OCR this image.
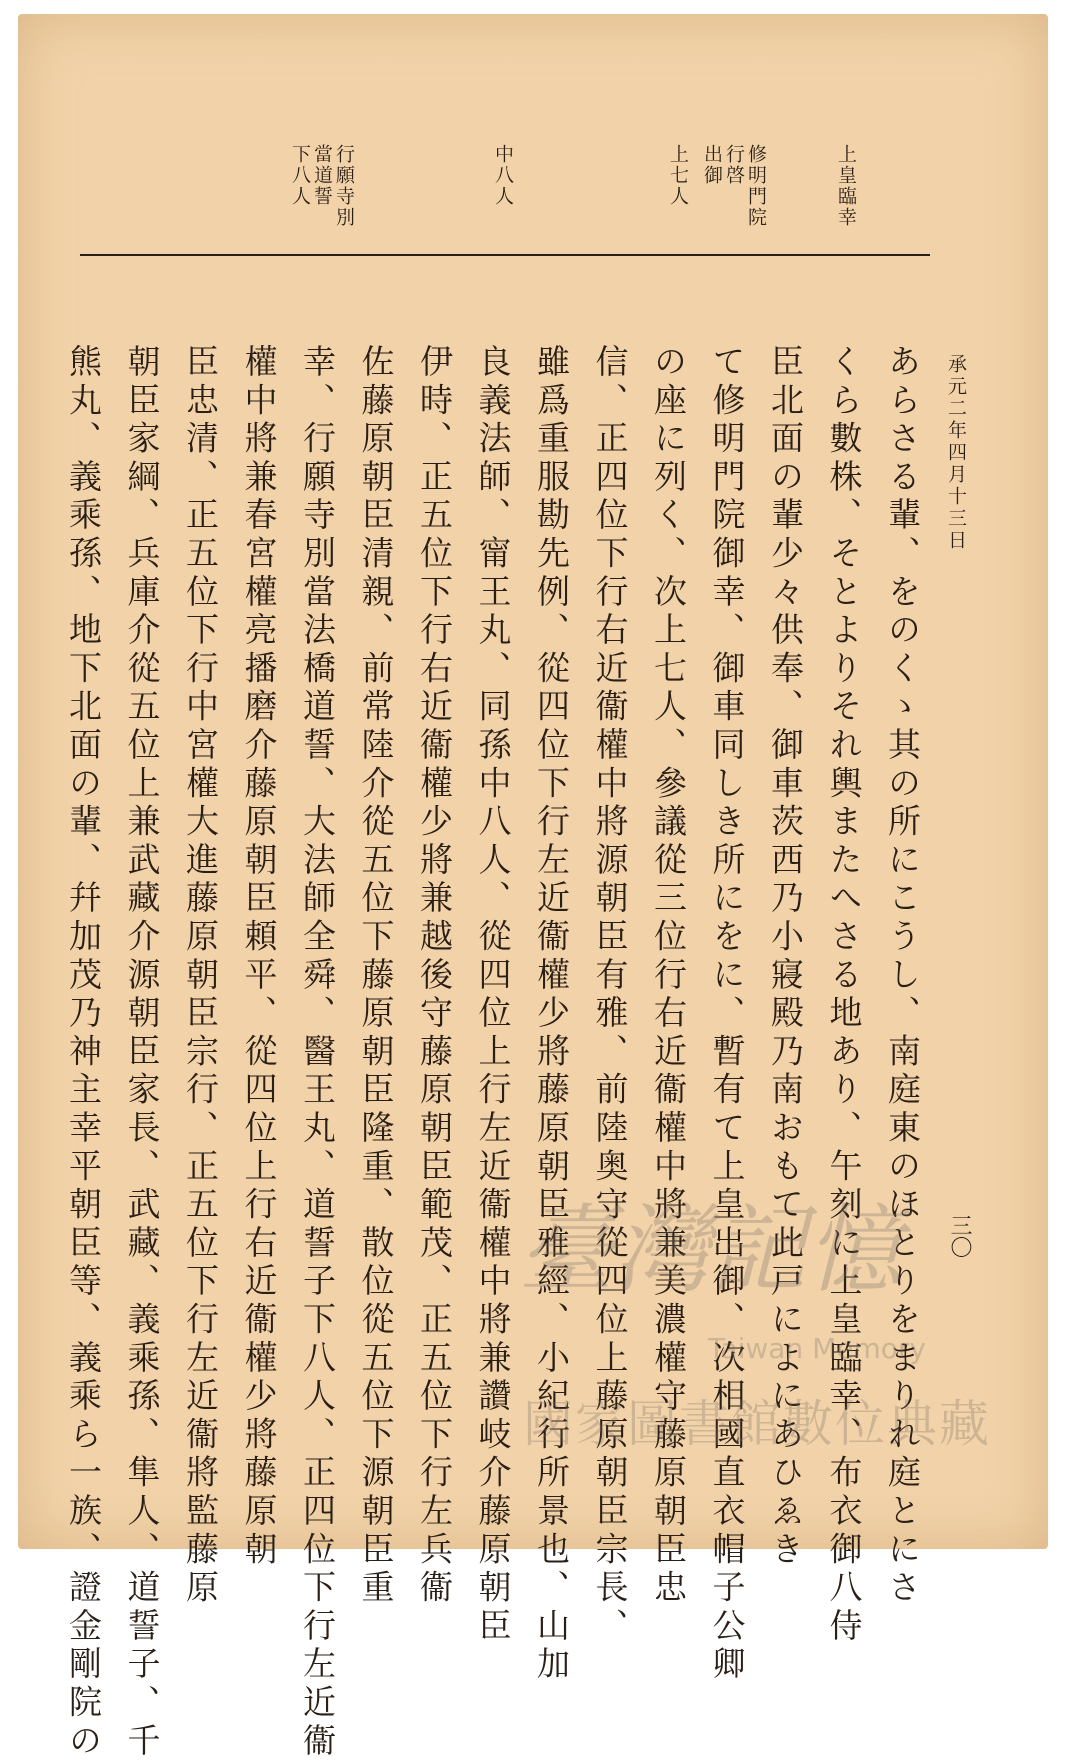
承元二年四月十三日
三〇
上皇臨幸
修明門院
行啓
出御
上七人
中八人
行願寺別
當道誓
下八人
あらさる輩、をのくゝ其の所にこうし、南庭東のほとりをまりれ庭とにさ
くら數株、そとよりそれ輿またへさる地あり、午刻に上皇臨幸、布衣御八侍
臣北面の輩少々供奉、御車茨西乃小寢殿乃南おもて此戸によにあひゑき
て修明門院御幸、御車同しき所にをに、暫有て上皇出御、次相國直衣帽子公卿
の座に列く、次上七人、參議從三位行右近衞權中將兼美濃權守藤原朝臣忠
信、正四位下行右近衞權中將源朝臣有雅、前陸奥守從四位上藤原朝臣宗長、
雖爲重服勘先例、從四位下行左近衞權少將藤原朝臣雅經、小紀行所景也、山加
良義法師、甯王丸、同孫中八人、從四位上行左近衞權中將兼讚岐介藤原朝臣
伊時、正五位下行右近衞權少將兼越後守藤原朝臣範茂、正五位下行左兵衞
佐藤原朝臣清親、前常陸介從五位下藤原朝臣隆重、散位從五位下源朝臣重
幸、行願寺別當法橋道誓、大法師全舜、醫王丸、道誓子下八人、正四位下行左近衞
權中將兼春宮權亮播磨介藤原朝臣頼平、從四位上行右近衞權少將藤原朝
臣忠清、正五位下行中宮權大進藤原朝臣宗行、正五位下行左近衞將監藤原
朝臣家綱、兵庫介從五位上兼武藏介源朝臣家長、武藏、義乘孫、隼人、道誓子、千
熊丸、義乘孫、地下北面の輩、幷加茂乃神主幸平朝臣等、義乘ら一族、證金剛院の	臺灣記憶
Taiwan Memory
國家圖書館數位典藏
